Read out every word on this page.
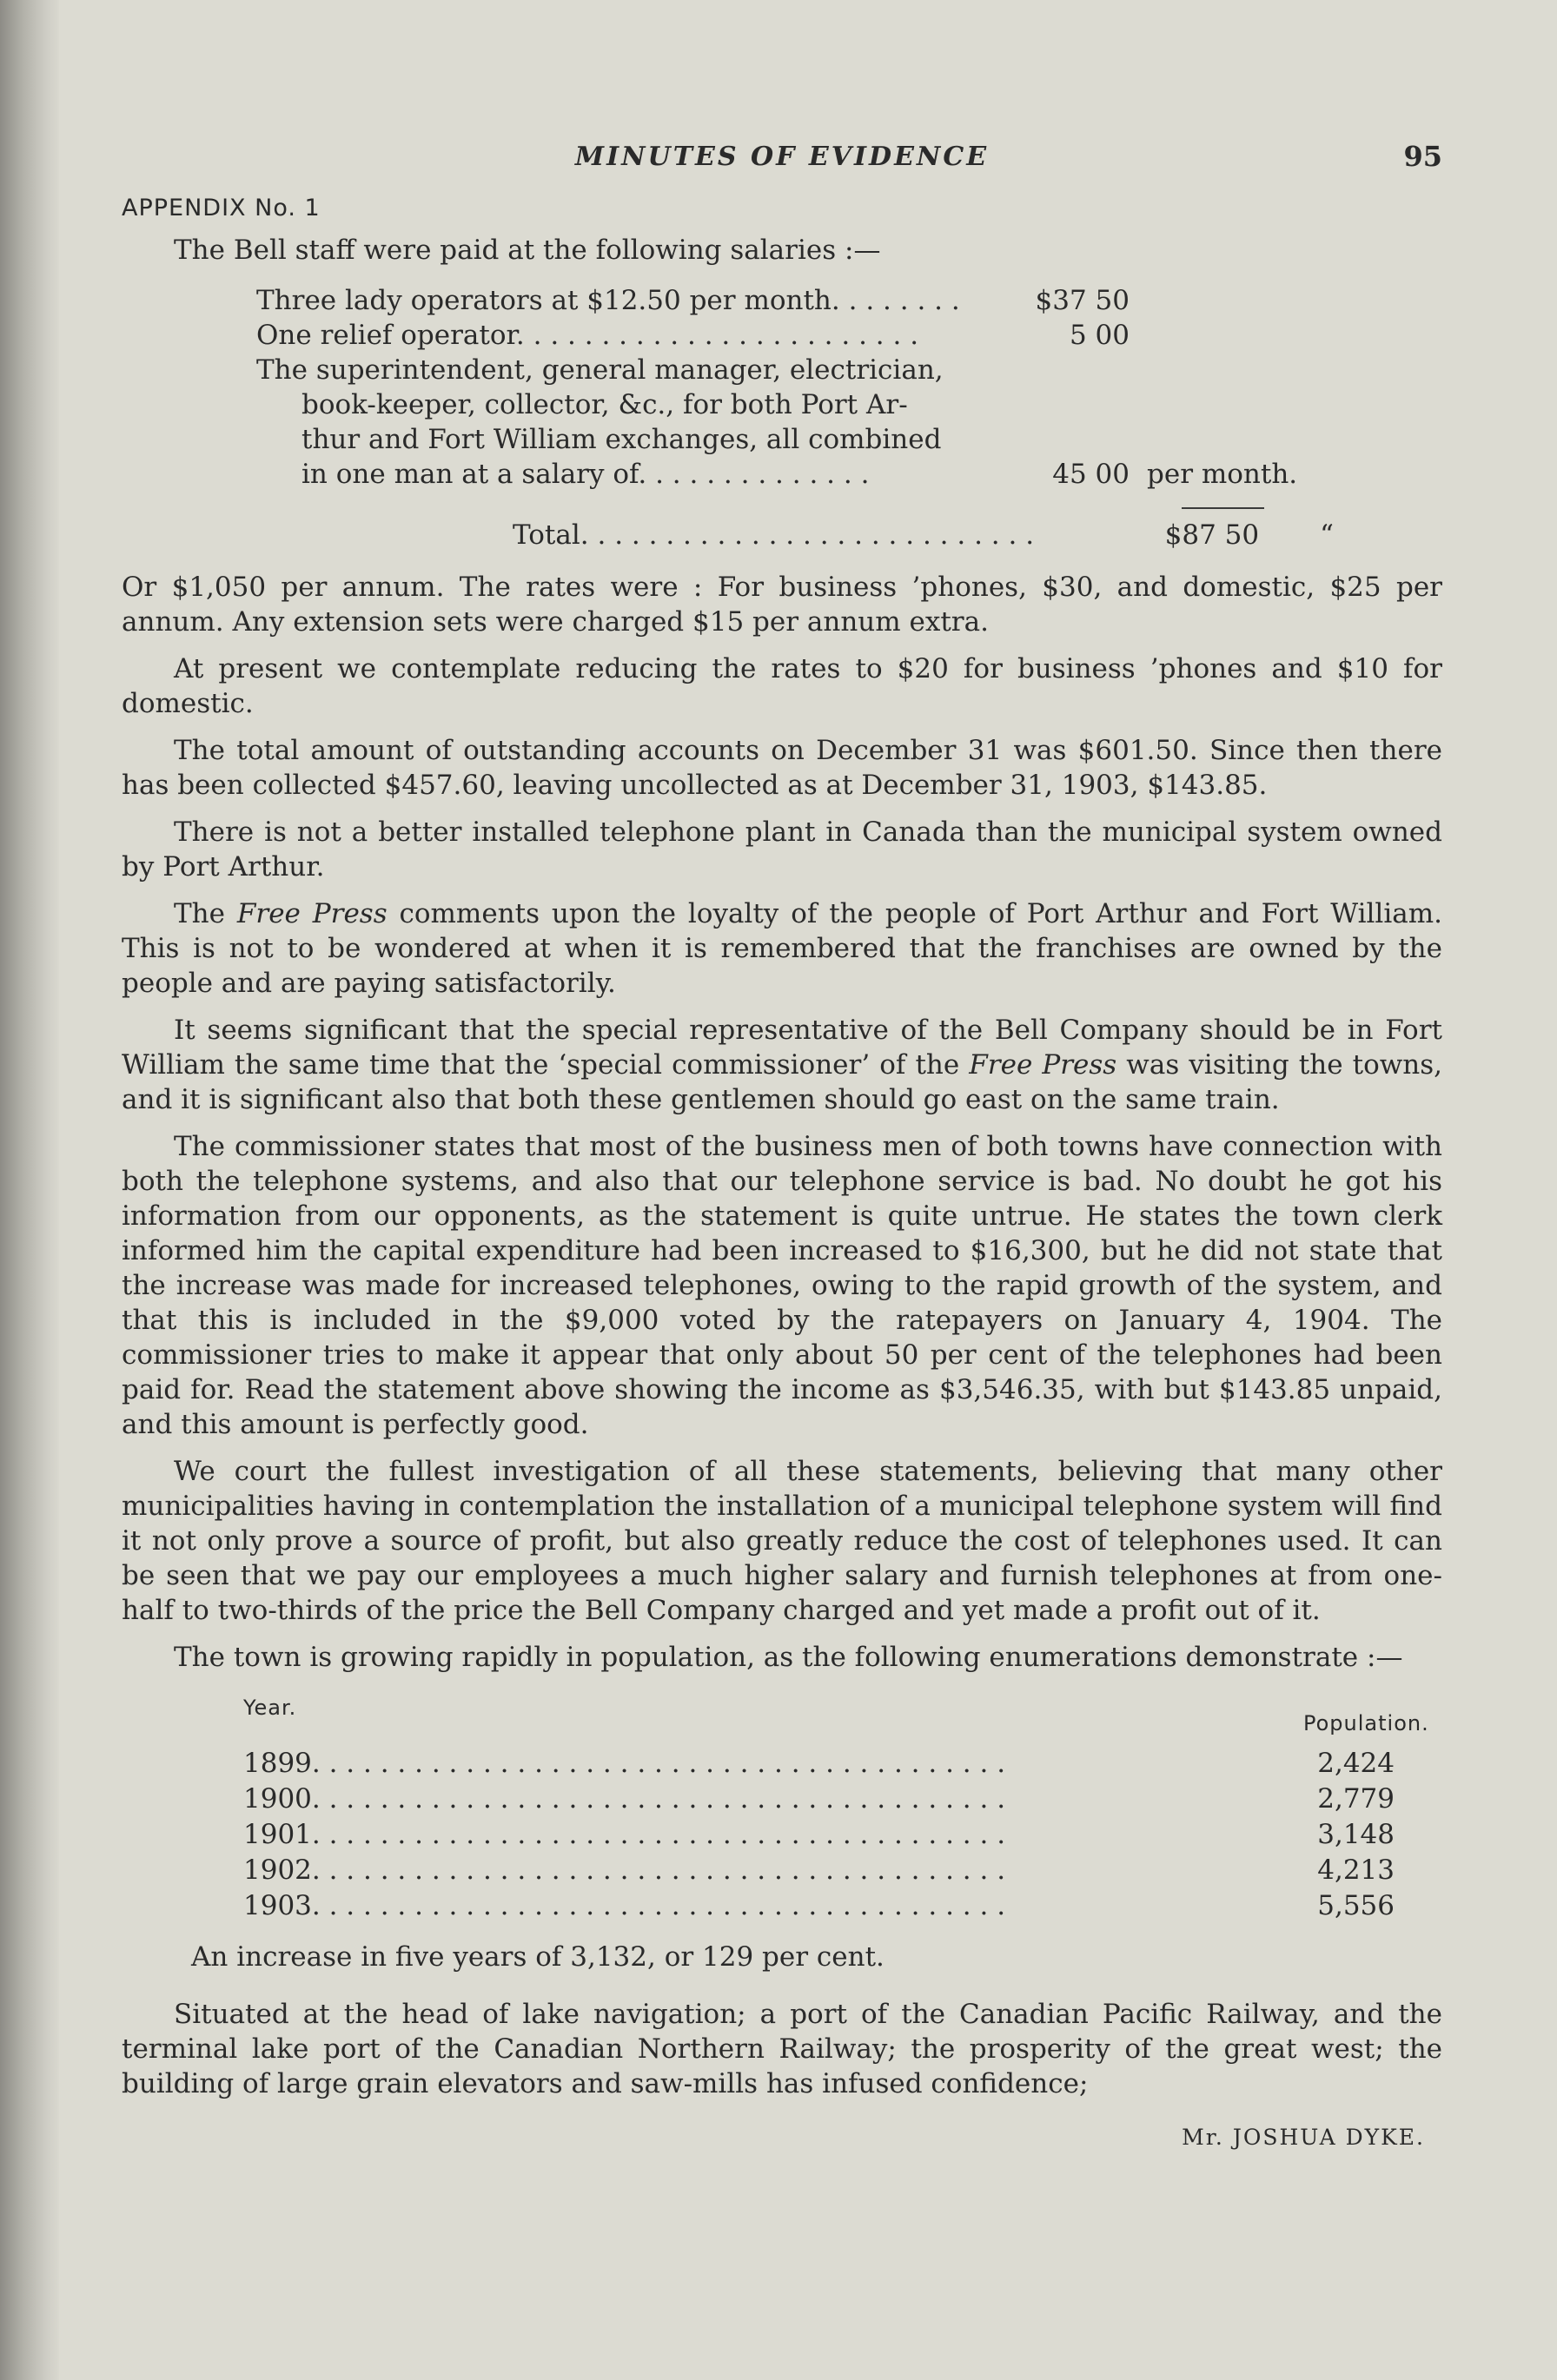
MINUTES OF EVIDENCE	95
APPENDIX No. 1

The Bell staff were paid at the following salaries :—

Three lady operators at $12.50 per month. . . . . . . .	$37 50
One relief operator. . . . . . . . . . . . . . . . . . . . . . . .	5 00
The superintendent, general manager, electrician,
book-keeper, collector, &c., for both Port Ar-
thur and Fort William exchanges, all combined
in one man at a salary of. . . . . . . . . . . . . .	45 00 per month.
Total. . . . . . . . . . . . . . . . . . . . . . . . . . .	$87 50	“

Or $1,050 per annum. The rates were : For business ’phones, $30, and domestic, $25 per annum. Any extension sets were charged $15 per annum extra.

At present we contemplate reducing the rates to $20 for business ’phones and $10 for domestic.

The total amount of outstanding accounts on December 31 was $601.50. Since then there has been collected $457.60, leaving uncollected as at December 31, 1903, $143.85.

There is not a better installed telephone plant in Canada than the municipal system owned by Port Arthur.

The Free Press comments upon the loyalty of the people of Port Arthur and Fort William. This is not to be wondered at when it is remembered that the franchises are owned by the people and are paying satisfactorily.

It seems significant that the special representative of the Bell Company should be in Fort William the same time that the ‘special commissioner’ of the Free Press was visiting the towns, and it is significant also that both these gentlemen should go east on the same train.

The commissioner states that most of the business men of both towns have connection with both the telephone systems, and also that our telephone service is bad. No doubt he got his information from our opponents, as the statement is quite untrue. He states the town clerk informed him the capital expenditure had been increased to $16,300, but he did not state that the increase was made for increased telephones, owing to the rapid growth of the system, and that this is included in the $9,000 voted by the ratepayers on January 4, 1904. The commissioner tries to make it appear that only about 50 per cent of the telephones had been paid for. Read the statement above showing the income as $3,546.35, with but $143.85 unpaid, and this amount is perfectly good.

We court the fullest investigation of all these statements, believing that many other municipalities having in contemplation the installation of a municipal telephone system will find it not only prove a source of profit, but also greatly reduce the cost of telephones used. It can be seen that we pay our employees a much higher salary and furnish telephones at from one-half to two-thirds of the price the Bell Company charged and yet made a profit out of it.

The town is growing rapidly in population, as the following enumerations demonstrate :—

Year.
Population.
1899. . . . . . . . . . . . . . . . . . . . . . . . . . . . . . . . . . . . . . . . .	2,424
1900. . . . . . . . . . . . . . . . . . . . . . . . . . . . . . . . . . . . . . . . .	2,779
1901. . . . . . . . . . . . . . . . . . . . . . . . . . . . . . . . . . . . . . . . .	3,148
1902. . . . . . . . . . . . . . . . . . . . . . . . . . . . . . . . . . . . . . . . .	4,213
1903. . . . . . . . . . . . . . . . . . . . . . . . . . . . . . . . . . . . . . . . .	5,556

An increase in five years of 3,132, or 129 per cent.

Situated at the head of lake navigation; a port of the Canadian Pacific Railway, and the terminal lake port of the Canadian Northern Railway; the prosperity of the great west; the building of large grain elevators and saw-mills has infused confidence;

Mr. JOSHUA DYKE.
